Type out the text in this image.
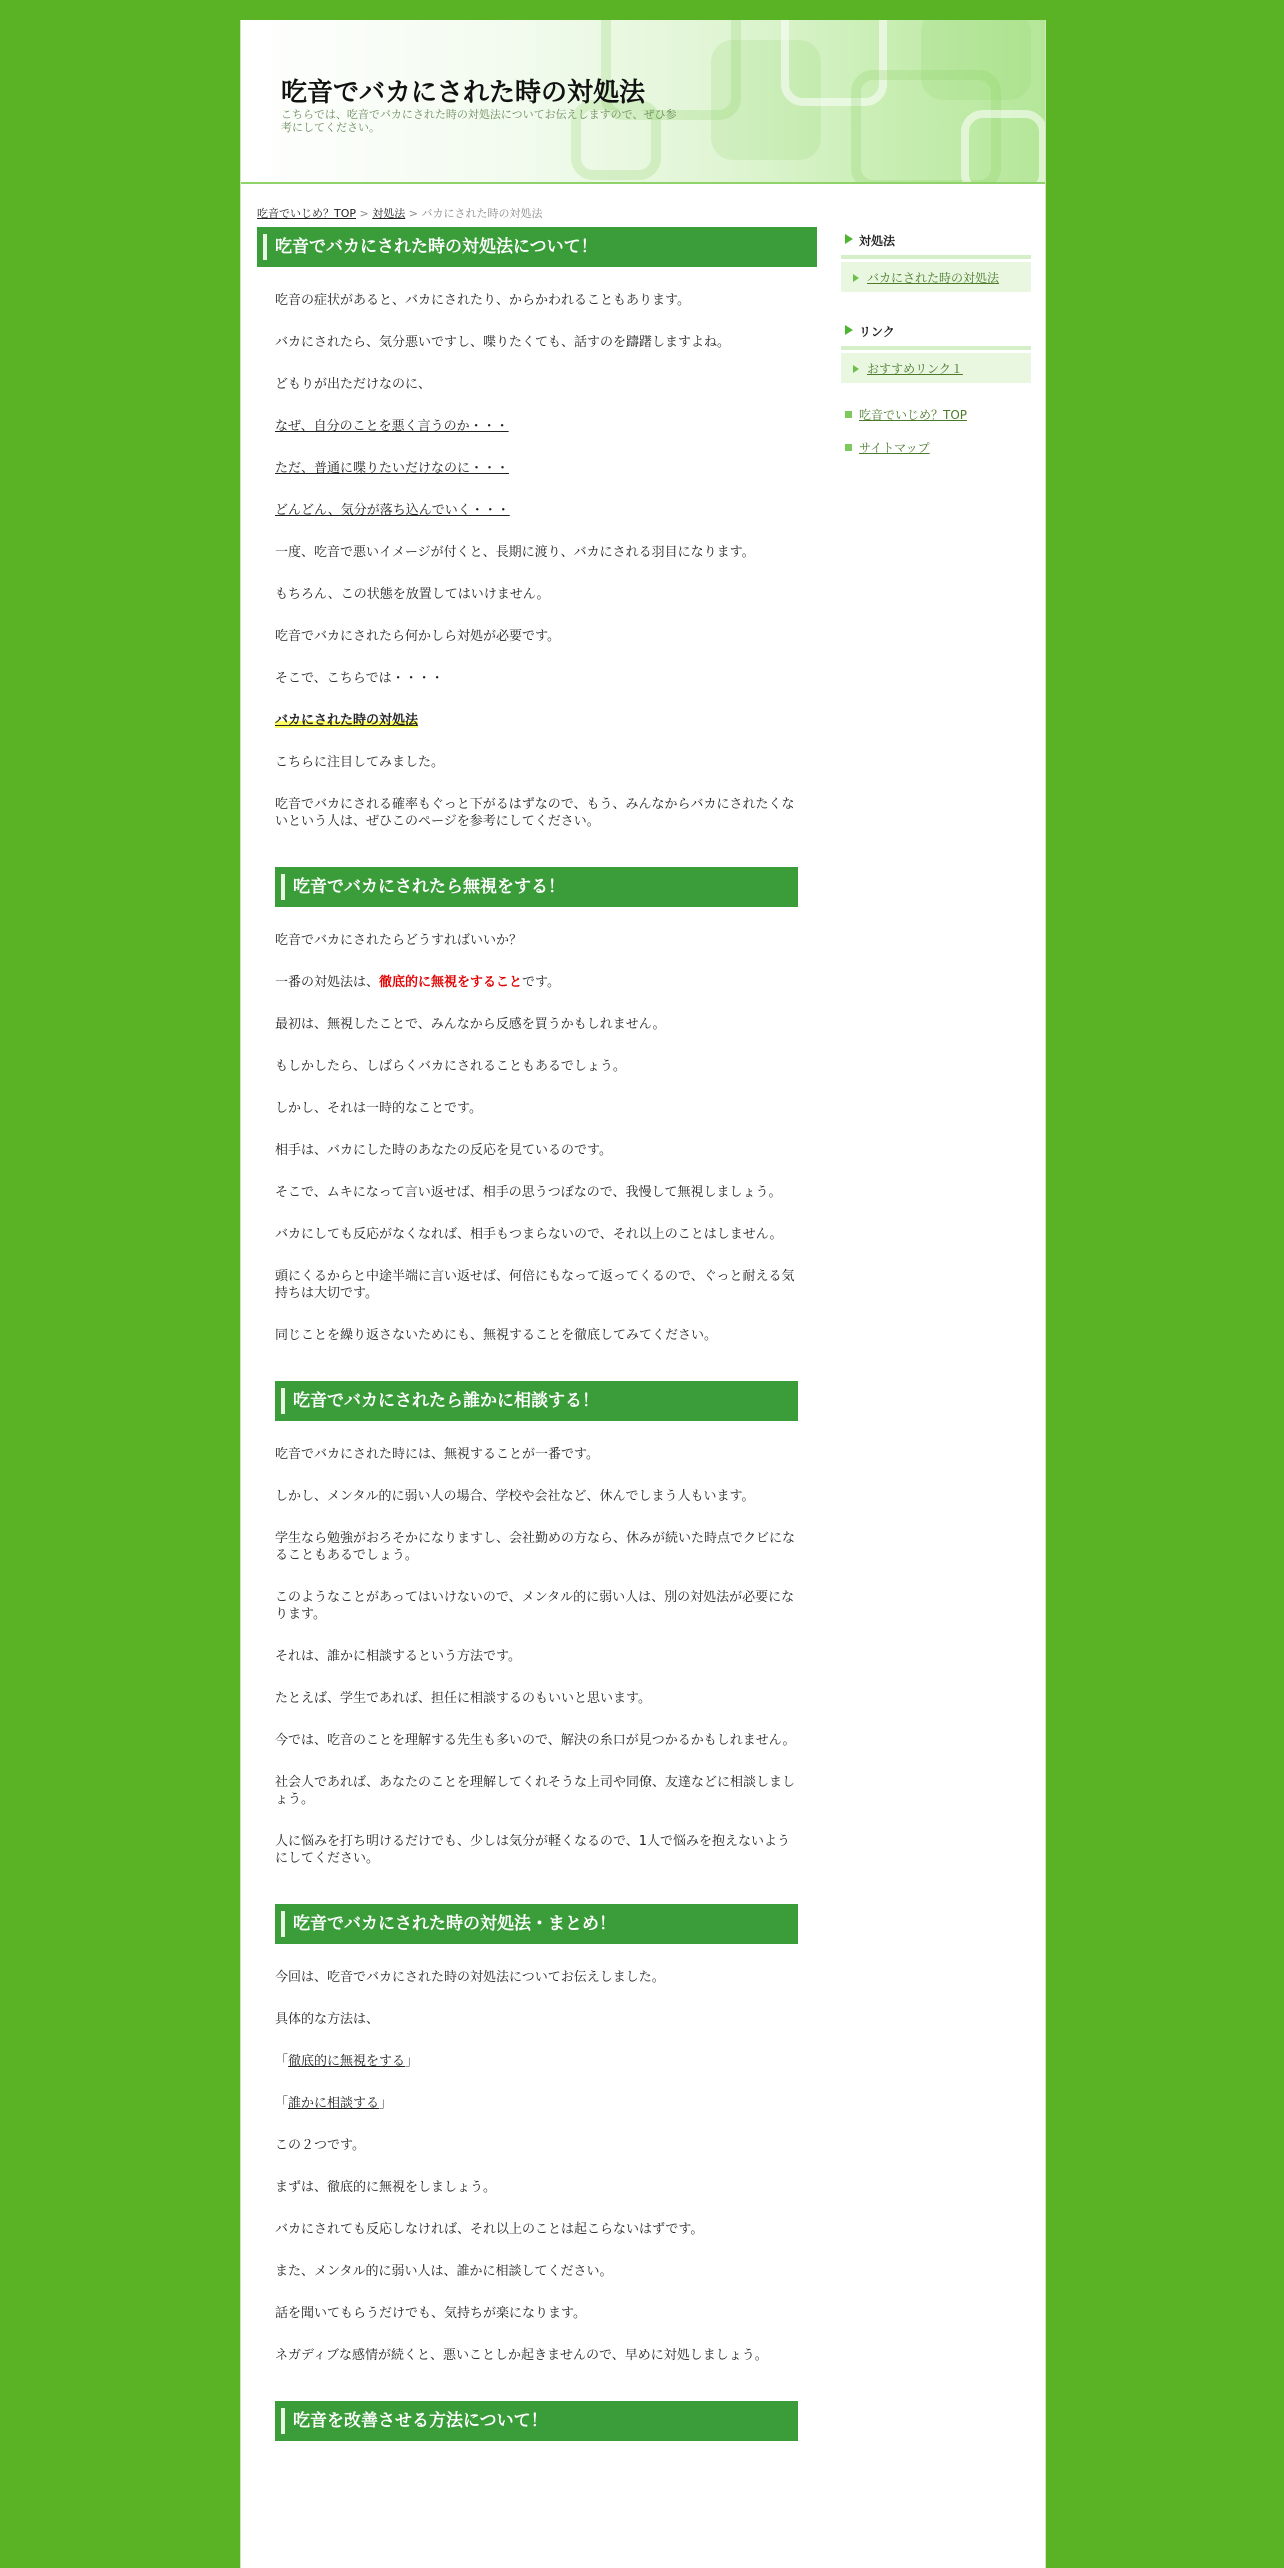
吃音でバカにされた時の対処法
こちらでは、吃音でバカにされた時の対処法についてお伝えしますので、ぜひ参考にしてください。
吃音でいじめ？TOP > 対処法 > バカにされた時の対処法
吃音でバカにされた時の対処法について！

吃音の症状があると、バカにされたり、からかわれることもあります。

バカにされたら、気分悪いですし、喋りたくても、話すのを躊躇しますよね。

どもりが出ただけなのに、

なぜ、自分のことを悪く言うのか・・・

ただ、普通に喋りたいだけなのに・・・

どんどん、気分が落ち込んでいく・・・

一度、吃音で悪いイメージが付くと、長期に渡り、バカにされる羽目になります。

もちろん、この状態を放置してはいけません。

吃音でバカにされたら何かしら対処が必要です。

そこで、こちらでは・・・・

バカにされた時の対処法

こちらに注目してみました。

吃音でバカにされる確率もぐっと下がるはずなので、もう、みんなからバカにされたくないという人は、ぜひこのページを参考にしてください。

吃音でバカにされたら無視をする！

吃音でバカにされたらどうすればいいか？

一番の対処法は、徹底的に無視をすることです。

最初は、無視したことで、みんなから反感を買うかもしれません。

もしかしたら、しばらくバカにされることもあるでしょう。

しかし、それは一時的なことです。

相手は、バカにした時のあなたの反応を見ているのです。

そこで、ムキになって言い返せば、相手の思うつぼなので、我慢して無視しましょう。

バカにしても反応がなくなれば、相手もつまらないので、それ以上のことはしません。

頭にくるからと中途半端に言い返せば、何倍にもなって返ってくるので、ぐっと耐える気持ちは大切です。

同じことを繰り返さないためにも、無視することを徹底してみてください。

吃音でバカにされたら誰かに相談する！

吃音でバカにされた時には、無視することが一番です。

しかし、メンタル的に弱い人の場合、学校や会社など、休んでしまう人もいます。

学生なら勉強がおろそかになりますし、会社勤めの方なら、休みが続いた時点でクビになることもあるでしょう。

このようなことがあってはいけないので、メンタル的に弱い人は、別の対処法が必要になります。

それは、誰かに相談するという方法です。

たとえば、学生であれば、担任に相談するのもいいと思います。

今では、吃音のことを理解する先生も多いので、解決の糸口が見つかるかもしれません。

社会人であれば、あなたのことを理解してくれそうな上司や同僚、友達などに相談しましょう。

人に悩みを打ち明けるだけでも、少しは気分が軽くなるので、1人で悩みを抱えないようにしてください。

吃音でバカにされた時の対処法・まとめ！

今回は、吃音でバカにされた時の対処法についてお伝えしました。

具体的な方法は、

「徹底的に無視をする」

「誰かに相談する」

この２つです。

まずは、徹底的に無視をしましょう。

バカにされても反応しなければ、それ以上のことは起こらないはずです。

また、メンタル的に弱い人は、誰かに相談してください。

話を聞いてもらうだけでも、気持ちが楽になります。

ネガディブな感情が続くと、悪いことしか起きませんので、早めに対処しましょう。

吃音を改善させる方法について！
対処法
バカにされた時の対処法
リンク
おすすめリンク１
吃音でいじめ？TOP
サイトマップ
